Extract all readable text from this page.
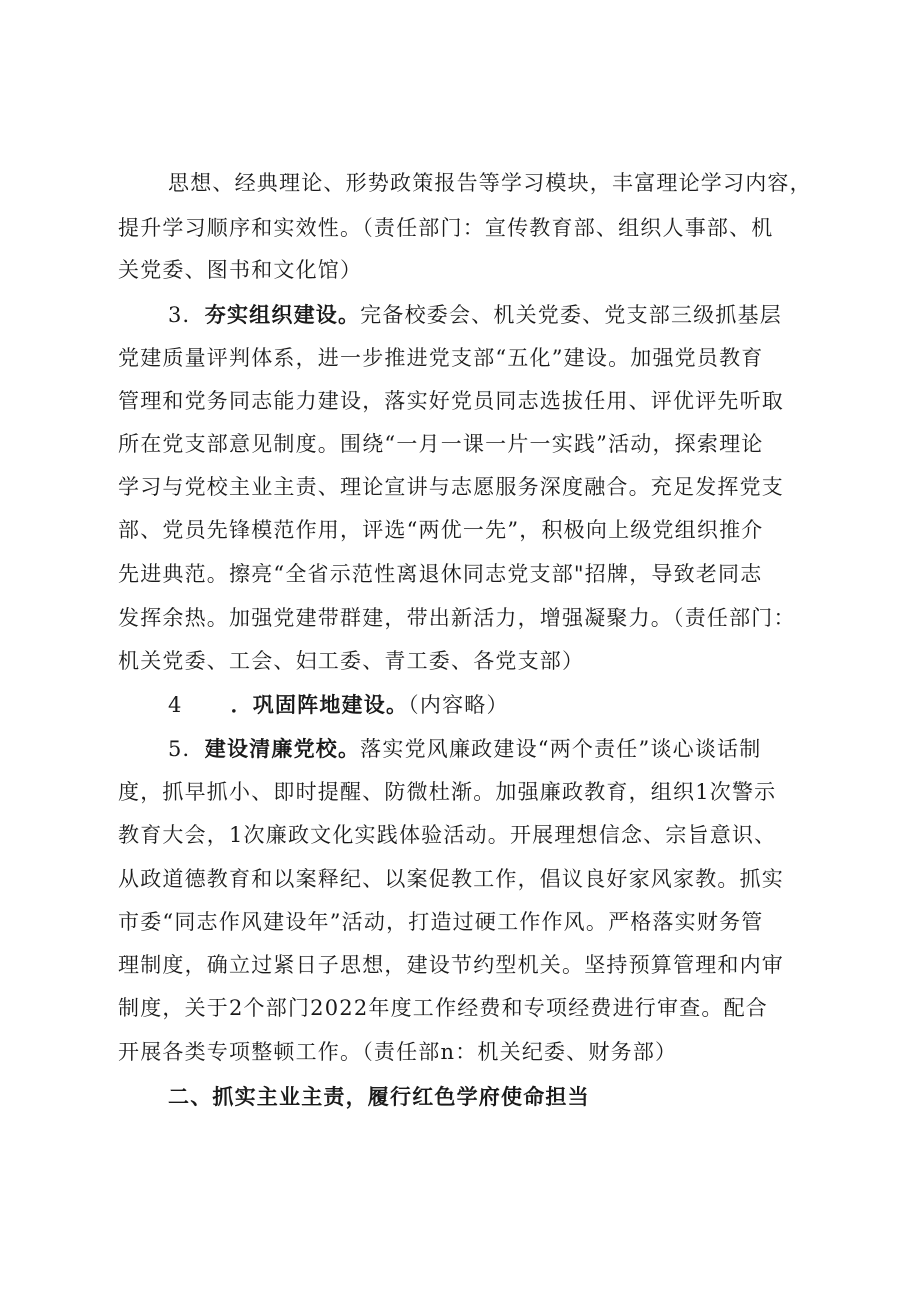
思想、经典理论、形势政策报告等学习模块，丰富理论学习内容，
提升学习顺序和实效性。（责任部门：宣传教育部、组织人事部、机
关党委、图书和文化馆）
3．夯实组织建设。完备校委会、机关党委、党支部三级抓基层
党建质量评判体系，进一步推进党支部“五化”建设。加强党员教育
管理和党务同志能力建设，落实好党员同志选拔任用、评优评先听取
所在党支部意见制度。围绕“一月一课一片一实践”活动，探索理论
学习与党校主业主责、理论宣讲与志愿服务深度融合。充足发挥党支
部、党员先锋模范作用，评选“两优一先”，积极向上级党组织推介
先进典范。擦亮“全省示范性离退休同志党支部"招牌，导致老同志
发挥余热。加强党建带群建，带出新活力，增强凝聚力。（责任部门：
机关党委、工会、妇工委、青工委、各党支部）
4 ．巩固阵地建设。（内容略）
5．建设清廉党校。落实党风廉政建设“两个责任”谈心谈话制
度，抓早抓小、即时提醒、防微杜渐。加强廉政教育，组织1次警示
教育大会，1次廉政文化实践体验活动。开展理想信念、宗旨意识、
从政道德教育和以案释纪、以案促教工作，倡议良好家风家教。抓实
市委“同志作风建设年”活动，打造过硬工作作风。严格落实财务管
理制度，确立过紧日子思想，建设节约型机关。坚持预算管理和内审
制度，关于2个部门2022年度工作经费和专项经费进行审查。配合
开展各类专项整顿工作。（责任部n：机关纪委、财务部）
二、抓实主业主责，履行红色学府使命担当
